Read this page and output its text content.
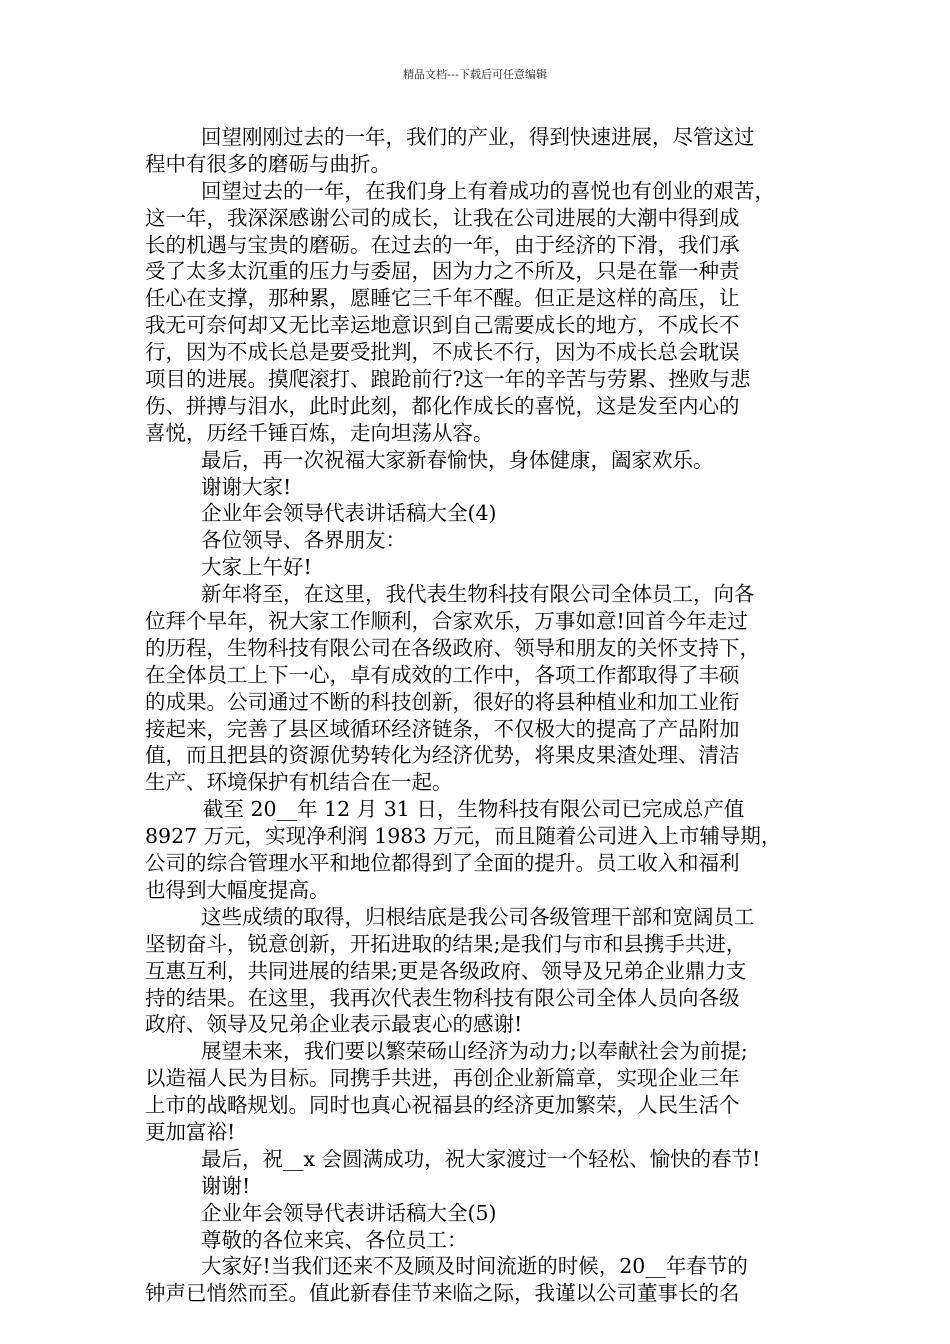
精品文档---下载后可任意编辑
回望刚刚过去的一年，我们的产业，得到快速进展，尽管这过
程中有很多的磨砺与曲折。
回望过去的一年，在我们身上有着成功的喜悦也有创业的艰苦，
这一年，我深深感谢公司的成长，让我在公司进展的大潮中得到成
长的机遇与宝贵的磨砺。在过去的一年，由于经济的下滑，我们承
受了太多太沉重的压力与委屈，因为力之不所及，只是在靠一种责
任心在支撑，那种累，愿睡它三千年不醒。但正是这样的高压，让
我无可奈何却又无比幸运地意识到自己需要成长的地方，不成长不
行，因为不成长总是要受批判，不成长不行，因为不成长总会耽误
项目的进展。摸爬滚打、踉跄前行?这一年的辛苦与劳累、挫败与悲
伤、拼搏与泪水，此时此刻，都化作成长的喜悦，这是发至内心的
喜悦，历经千锤百炼，走向坦荡从容。
最后，再一次祝福大家新春愉快，身体健康，阖家欢乐。
谢谢大家!
企业年会领导代表讲话稿大全(4)
各位领导、各界朋友：
大家上午好!
新年将至，在这里，我代表生物科技有限公司全体员工，向各
位拜个早年，祝大家工作顺利，合家欢乐，万事如意!回首今年走过
的历程，生物科技有限公司在各级政府、领导和朋友的关怀支持下，
在全体员工上下一心，卓有成效的工作中，各项工作都取得了丰硕
的成果。公司通过不断的科技创新，很好的将县种植业和加工业衔
接起来，完善了县区域循环经济链条，不仅极大的提高了产品附加
值，而且把县的资源优势转化为经济优势，将果皮果渣处理、清洁
生产、环境保护有机结合在一起。
截至 20__年 12 月 31 日，生物科技有限公司已完成总产值
8927 万元，实现净利润 1983 万元，而且随着公司进入上市辅导期，
公司的综合管理水平和地位都得到了全面的提升。员工收入和福利
也得到大幅度提高。
这些成绩的取得，归根结底是我公司各级管理干部和宽阔员工
坚韧奋斗，锐意创新，开拓进取的结果;是我们与市和县携手共进，
互惠互利，共同进展的结果;更是各级政府、领导及兄弟企业鼎力支
持的结果。在这里，我再次代表生物科技有限公司全体人员向各级
政府、领导及兄弟企业表示最衷心的感谢!
展望未来，我们要以繁荣砀山经济为动力;以奉献社会为前提;
以造福人民为目标。同携手共进，再创企业新篇章，实现企业三年
上市的战略规划。同时也真心祝福县的经济更加繁荣，人民生活个
更加富裕!
最后，祝__x 会圆满成功，祝大家渡过一个轻松、愉快的春节!
谢谢!
企业年会领导代表讲话稿大全(5)
尊敬的各位来宾、各位员工：
大家好!当我们还来不及顾及时间流逝的时候，20__年春节的
钟声已悄然而至。值此新春佳节来临之际，我谨以公司董事长的名
